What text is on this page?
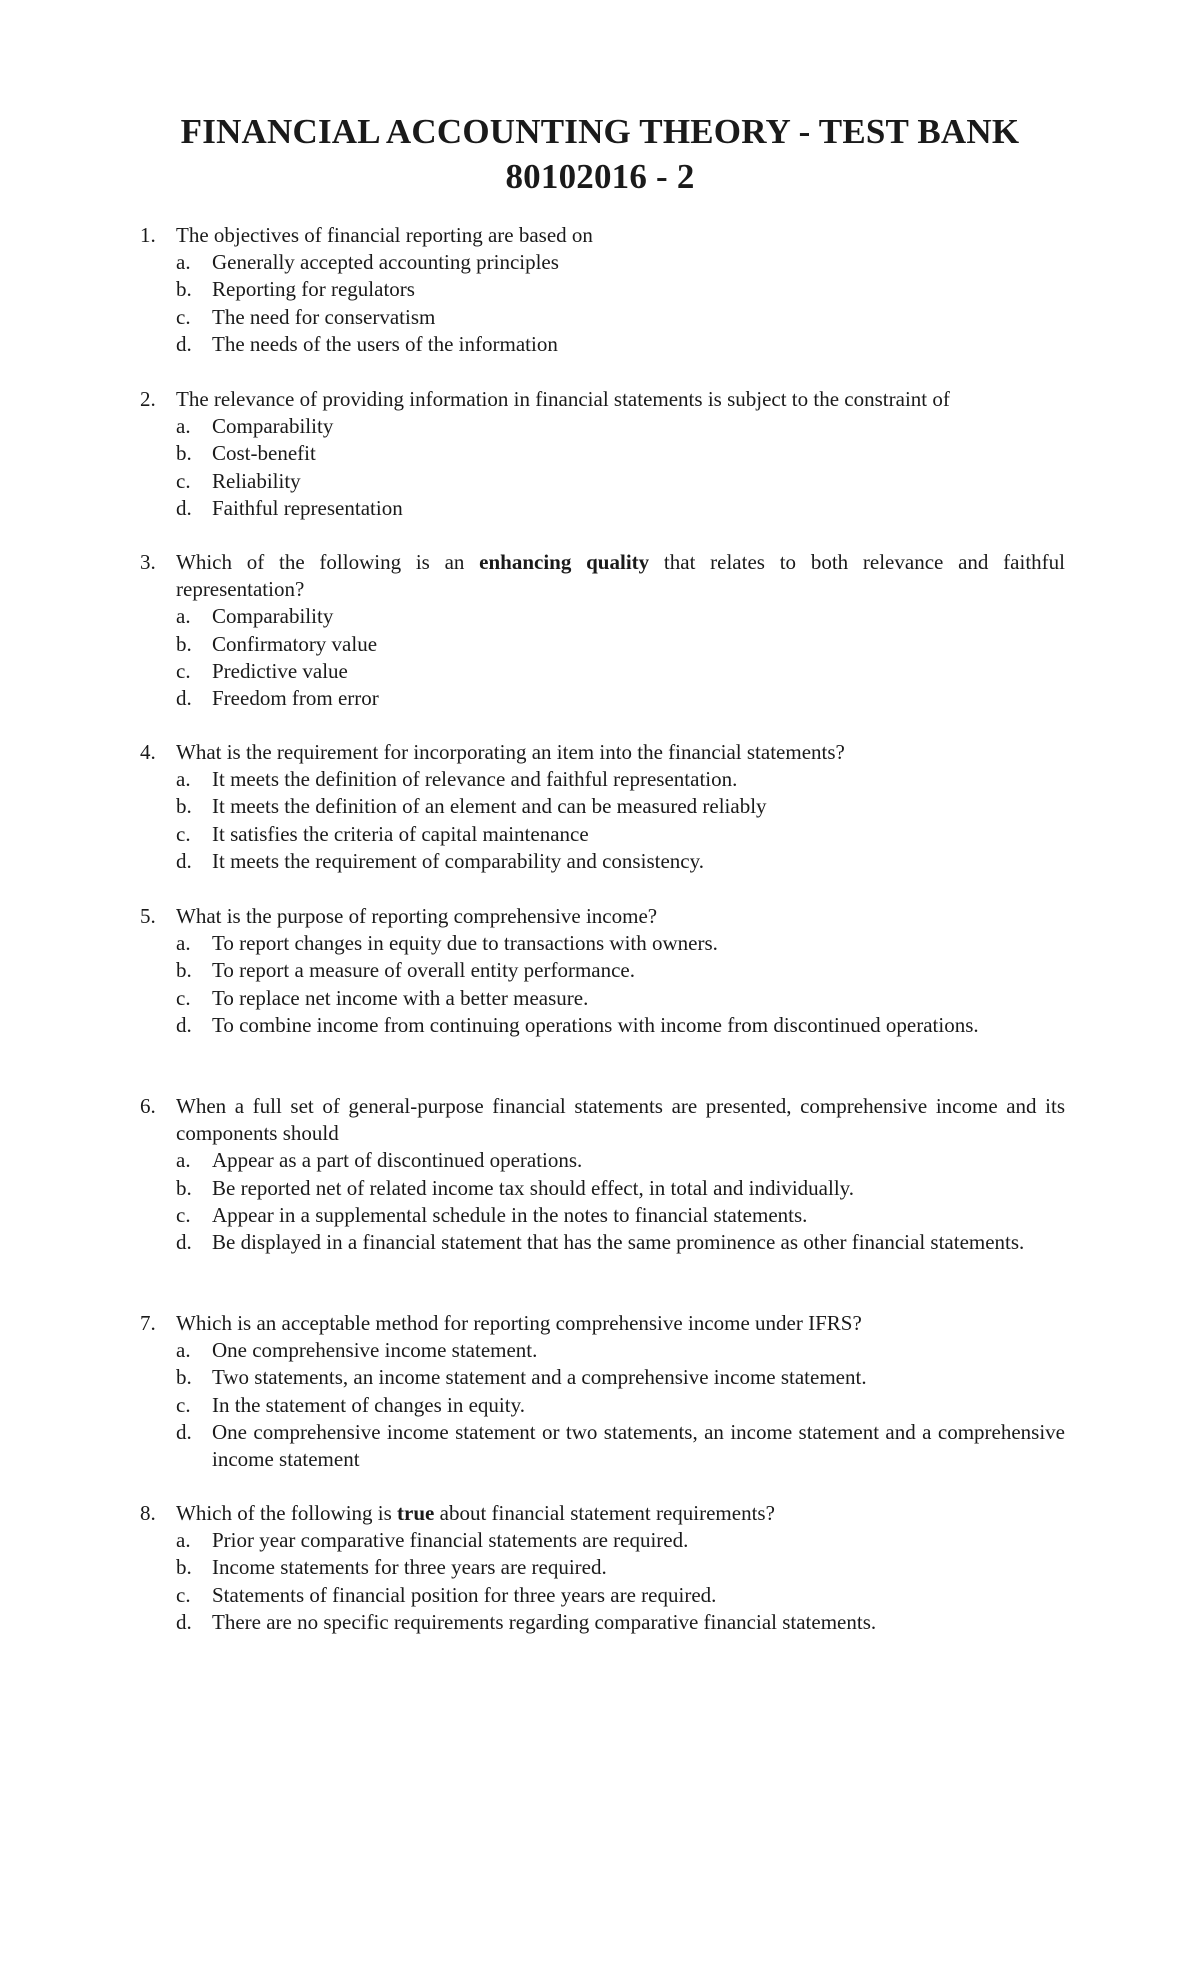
FINANCIAL ACCOUNTING THEORY - TEST BANK
80102016 - 2
1. The objectives of financial reporting are based on
a. Generally accepted accounting principles
b. Reporting for regulators
c. The need for conservatism
d. The needs of the users of the information
2. The relevance of providing information in financial statements is subject to the constraint of
a. Comparability
b. Cost-benefit
c. Reliability
d. Faithful representation
3. Which of the following is an enhancing quality that relates to both relevance and faithful representation?
a. Comparability
b. Confirmatory value
c. Predictive value
d. Freedom from error
4. What is the requirement for incorporating an item into the financial statements?
a. It meets the definition of relevance and faithful representation.
b. It meets the definition of an element and can be measured reliably
c. It satisfies the criteria of capital maintenance
d. It meets the requirement of comparability and consistency.
5. What is the purpose of reporting comprehensive income?
a. To report changes in equity due to transactions with owners.
b. To report a measure of overall entity performance.
c. To replace net income with a better measure.
d. To combine income from continuing operations with income from discontinued operations.
6. When a full set of general-purpose financial statements are presented, comprehensive income and its components should
a. Appear as a part of discontinued operations.
b. Be reported net of related income tax should effect, in total and individually.
c. Appear in a supplemental schedule in the notes to financial statements.
d. Be displayed in a financial statement that has the same prominence as other financial statements.
7. Which is an acceptable method for reporting comprehensive income under IFRS?
a. One comprehensive income statement.
b. Two statements, an income statement and a comprehensive income statement.
c. In the statement of changes in equity.
d. One comprehensive income statement or two statements, an income statement and a comprehensive income statement
8. Which of the following is true about financial statement requirements?
a. Prior year comparative financial statements are required.
b. Income statements for three years are required.
c. Statements of financial position for three years are required.
d. There are no specific requirements regarding comparative financial statements.
